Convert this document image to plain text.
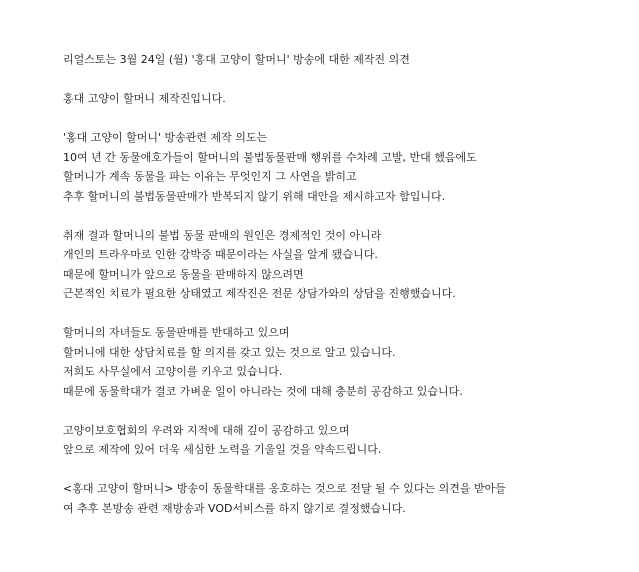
리얼스토는 3월 24일 (월) '홍대 고양이 할머니' 방송에 대한 제작진 의견
홍대 고양이 할머니 제작진입니다.
'홍대 고양이 할머니' 방송관련 제작 의도는
10여 년 간 동물애호가들이 할머니의 불법동물판매 행위를 수차례 고발, 반대 했음에도
할머니가 계속 동물을 파는 이유는 무엇인지 그 사연을 밝히고
추후 할머니의 불법동물판매가 반복되지 않기 위해 대안을 제시하고자 함입니다.
취재 결과 할머니의 불법 동물 판매의 원인은 경제적인 것이 아니라
개인의 트라우마로 인한 강박증 때문이라는 사실을 알게 됐습니다.
때문에 할머니가 앞으로 동물을 판매하지 않으려면
근본적인 치료가 필요한 상태였고 제작진은 전문 상담가와의 상담을 진행했습니다.
할머니의 자녀들도 동물판매를 반대하고 있으며
할머니에 대한 상담치료를 할 의지를 갖고 있는 것으로 알고 있습니다.
저희도 사무실에서 고양이를 키우고 있습니다.
때문에 동물학대가 결코 가벼운 일이 아니라는 것에 대해 충분히 공감하고 있습니다.
고양이보호협회의 우려와 지적에 대해 깊이 공감하고 있으며
앞으로 제작에 있어 더욱 세심한 노력을 기울일 것을 약속드립니다.
<홍대 고양이 할머니> 방송이 동물학대를 옹호하는 것으로 전달 될 수 있다는 의견을 받아들
여 추후 본방송 관련 재방송과 VOD서비스를 하지 않기로 결정했습니다.
